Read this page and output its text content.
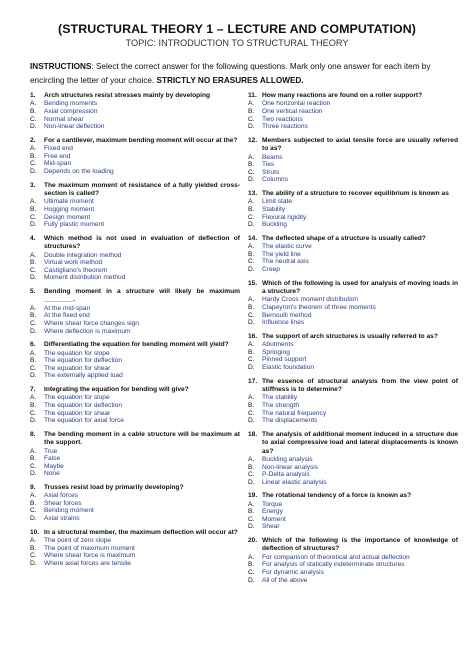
(STRUCTURAL THEORY 1 – LECTURE AND COMPUTATION)
TOPIC: INTRODUCTION TO STRUCTURAL THEORY
INSTRUCTIONS: Select the correct answer for the following questions. Mark only one answer for each item by encircling the letter of your choice. STRICTLY NO ERASURES ALLOWED.
1.	Arch structures resist stresses mainly by developing
A.	Bending moments
B.	Axial compression
C.	Normal shear
D.	Non-linear deflection
2.	For a cantilever, maximum bending moment will occur at the?
A.	Fixed end
B.	Free end
C.	Mid-span
D.	Depends on the loading
3.	The maximum moment of resistance of a fully yielded cross-section is called?
A.	Ultimate moment
B.	Hogging moment
C.	Design moment
D.	Fully plastic moment
4.	Which method is not used in evaluation of deflection of structures?
A.	Double integration method
B.	Virtual work method
C.	Castigliano's theorem
D.	Moment distribution method
5.	Bending moment in a structure will likely be maximum ________.
A.	At the mid-span
B.	At the fixed end
C.	Where shear force changes sign
D.	Where deflection is maximum
6.	Differentiating the equation for bending moment will yield?
A.	The equation for slope
B.	The equation for deflection
C.	The equation for shear
D.	The externally applied load
7.	Integrating the equation for bending will give?
A.	The equation for slope
B.	The equation for deflection
C.	The equation for shear
D.	The equation for axial force
8.	The bending moment in a cable structure will be maximum at the support.
A.	True
B.	False
C.	Maybe
D.	None
9.	Trusses resist load by primarily developing?
A.	Axial forces
B.	Shear forces
C.	Bending moment
D.	Axial strains
10. In a structural member, the maximum deflection will occur at?
A.	The point of zero slope
B.	The point of maximum moment
C.	Where shear force is maximum
D.	Where axial forces are tensile
11. How many reactions are found on a roller support?
A.	One horizontal reaction
B.	One vertical reaction
C.	Two reactions
D.	Three reactions
12. Members subjected to axial tensile force are usually referred to as?
A.	Beams
B.	Ties
C.	Struts
D.	Columns
13. The ability of a structure to recover equilibrium is known as
A.	Limit state
B.	Stability
C.	Flexural rigidity
D.	Buckling
14. The deflected shape of a structure is usually called?
A.	The elastic curve
B.	The yield line
C.	The neutral axis
D.	Creep
15. Which of the following is used for analysis of moving loads in a structure?
A.	Hardy Cross moment distribution
B.	Clapeyron's theorem of three moments
C.	Bernoulli method
D.	Influence lines
16. The support of arch structures is usually referred to as?
A.	Abutments
B.	Springing
C.	Pinned support
D.	Elastic foundation
17. The essence of structural analysis from the view point of stiffness is to determine?
A.	The stability
B.	The strength
C.	The natural frequency
D.	The displacements
18. The analysis of additional moment induced in a structure due to axial compressive load and lateral displacements is known as?
A.	Buckling analysis
B.	Non-linear analysis
C.	P-Delta analysis
D.	Linear elastic analysis
19. The rotational tendency of a force is known as?
A.	Torque
B.	Energy
C.	Moment
D.	Shear
20. Which of the following is the importance of knowledge of deflection of structures?
A.	For comparison of theoretical and actual deflection
B.	For analysis of statically indeterminate structures
C.	For dynamic analysis
D.	All of the above
